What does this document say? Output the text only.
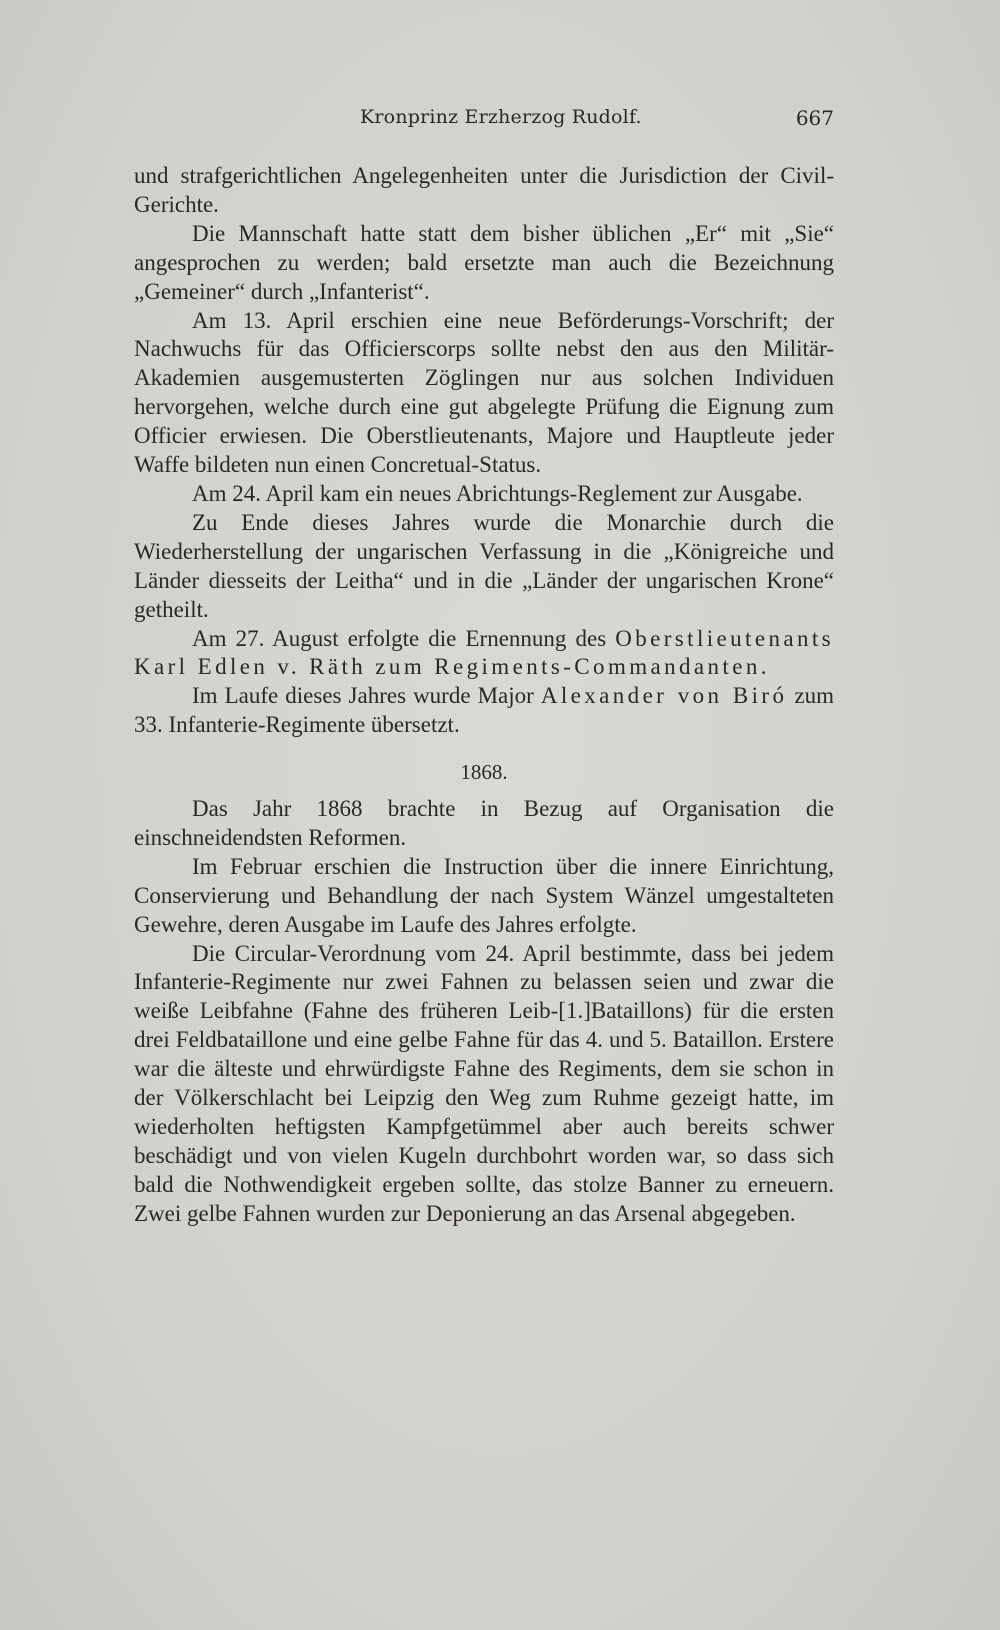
Kronprinz Erzherzog Rudolf.	667

und strafgerichtlichen Angelegenheiten unter die Jurisdiction der Civil-Gerichte.

Die Mannschaft hatte statt dem bisher üblichen „Er“ mit „Sie“ angesprochen zu werden; bald ersetzte man auch die Bezeichnung „Gemeiner“ durch „Infanterist“.

Am 13. April erschien eine neue Beförderungs-Vorschrift; der Nachwuchs für das Officierscorps sollte nebst den aus den Militär-Akademien ausgemusterten Zöglingen nur aus solchen Individuen hervorgehen, welche durch eine gut abgelegte Prüfung die Eignung zum Officier erwiesen. Die Oberstlieutenants, Majore und Hauptleute jeder Waffe bildeten nun einen Concretual-Status.

Am 24. April kam ein neues Abrichtungs-Reglement zur Ausgabe.

Zu Ende dieses Jahres wurde die Monarchie durch die Wiederherstellung der ungarischen Verfassung in die „Königreiche und Länder diesseits der Leitha“ und in die „Länder der ungarischen Krone“ getheilt.

Am 27. August erfolgte die Ernennung des Oberstlieutenants Karl Edlen v. Räth zum Regiments-Commandanten.

Im Laufe dieses Jahres wurde Major Alexander von Biró zum 33. Infanterie-Regimente übersetzt.

1868.

Das Jahr 1868 brachte in Bezug auf Organisation die einschneidendsten Reformen.

Im Februar erschien die Instruction über die innere Einrichtung, Conservierung und Behandlung der nach System Wänzel umgestalteten Gewehre, deren Ausgabe im Laufe des Jahres erfolgte.

Die Circular-Verordnung vom 24. April bestimmte, dass bei jedem Infanterie-Regimente nur zwei Fahnen zu belassen seien und zwar die weiße Leibfahne (Fahne des früheren Leib-[1.]Bataillons) für die ersten drei Feldbataillone und eine gelbe Fahne für das 4. und 5. Bataillon. Erstere war die älteste und ehrwürdigste Fahne des Regiments, dem sie schon in der Völkerschlacht bei Leipzig den Weg zum Ruhme gezeigt hatte, im wiederholten heftigsten Kampfgetümmel aber auch bereits schwer beschädigt und von vielen Kugeln durchbohrt worden war, so dass sich bald die Nothwendigkeit ergeben sollte, das stolze Banner zu erneuern. Zwei gelbe Fahnen wurden zur Deponierung an das Arsenal abgegeben.
